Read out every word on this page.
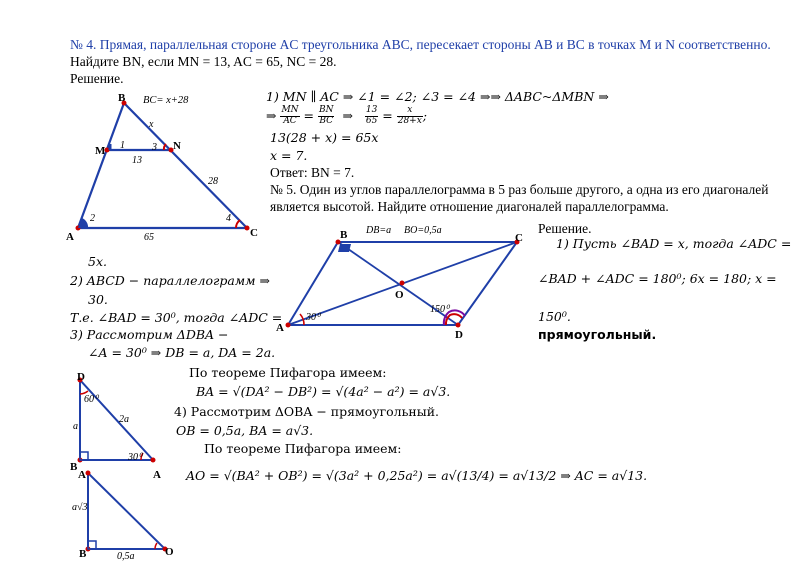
№ 4. Прямая, параллельная стороне AC треугольника ABC, пересекает стороны AB и BC в точках M и N соответственно.
Найдите BN, если MN = 13, AC = 65, NC = 28.
Решение.
B
M	N
A	C
BC= x+28
x
13
28
65
1	3
2	4
1) MN ∥ AC ⇒ ∠1 = ∠2; ∠3 = ∠4 ⇒⇒ ΔABC~ΔMBN ⇒
⇒ $\frac{MN}{AC} = \frac{BN}{BC}$ ⇒ $\frac{13}{65} = \frac{x}{28+x}$ ;
13(28 + x) = 65x
x = 7.
Ответ: BN = 7.
№ 5. Один из углов параллелограмма в 5 раз больше другого, а одна из его диагоналей
является высотой. Найдите отношение диагоналей параллелограмма.
Решение.
B	C
A
D
O
DB=a BO=0,5a
30⁰
150⁰
1) Пусть ∠BAD = x, тогда ∠ADC =
∠BAD + ∠ADC = 180⁰; 6x = 180; x =
150⁰.
прямоугольный.
5x.
2) ABCD − параллелограмм ⇒
30.
Т.е. ∠BAD = 30⁰, тогда ∠ADC =
3) Рассмотрим ΔDBA −
∠A = 30⁰ ⇒ DB = a, DA = 2a.
D
B
A
60⁰
30⁰
a
2a
A
B	O
a√3
0,5a
По теореме Пифагора имеем:
BA = √(DA² − DB²) = √(4a² − a²) = a√3.
4) Рассмотрим ΔOBA − прямоугольный.
OB = 0,5a, BA = a√3.
По теореме Пифагора имеем:
AO = √(BA² + OB²) = √(3a² + 0,25a²) = a√(13/4) = a√13/2 ⇒ AC = a√13.
